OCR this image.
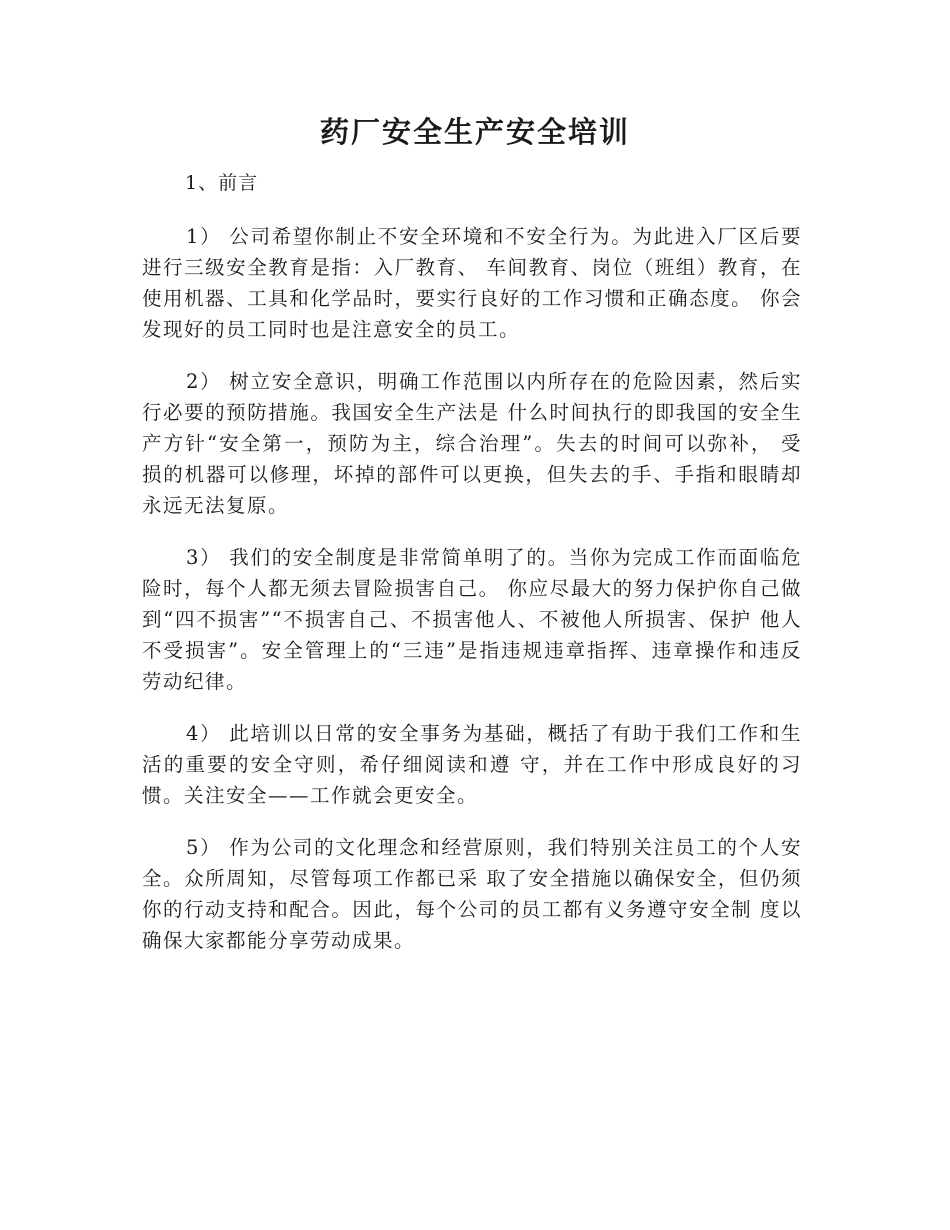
药厂安全生产安全培训

1、前言

1） 公司希望你制止不安全环境和不安全行为。为此进入厂区后要进行三级安全教育是指：入厂教育、 车间教育、岗位（班组）教育，在使用机器、工具和化学品时，要实行良好的工作习惯和正确态度。 你会发现好的员工同时也是注意安全的员工。

2） 树立安全意识，明确工作范围以内所存在的危险因素，然后实行必要的预防措施。我国安全生产法是 什么时间执行的即我国的安全生产方针“安全第一，预防为主，综合治理”。失去的时间可以弥补， 受损的机器可以修理，坏掉的部件可以更换，但失去的手、手指和眼睛却永远无法复原。

3） 我们的安全制度是非常简单明了的。当你为完成工作而面临危险时，每个人都无须去冒险损害自己。 你应尽最大的努力保护你自己做到“四不损害”“不损害自己、不损害他人、不被他人所损害、保护 他人不受损害”。安全管理上的“三违”是指违规违章指挥、违章操作和违反劳动纪律。

4） 此培训以日常的安全事务为基础，概括了有助于我们工作和生活的重要的安全守则，希仔细阅读和遵 守，并在工作中形成良好的习惯。关注安全——工作就会更安全。

5） 作为公司的文化理念和经营原则，我们特别关注员工的个人安全。众所周知，尽管每项工作都已采 取了安全措施以确保安全，但仍须你的行动支持和配合。因此，每个公司的员工都有义务遵守安全制 度以确保大家都能分享劳动成果。
